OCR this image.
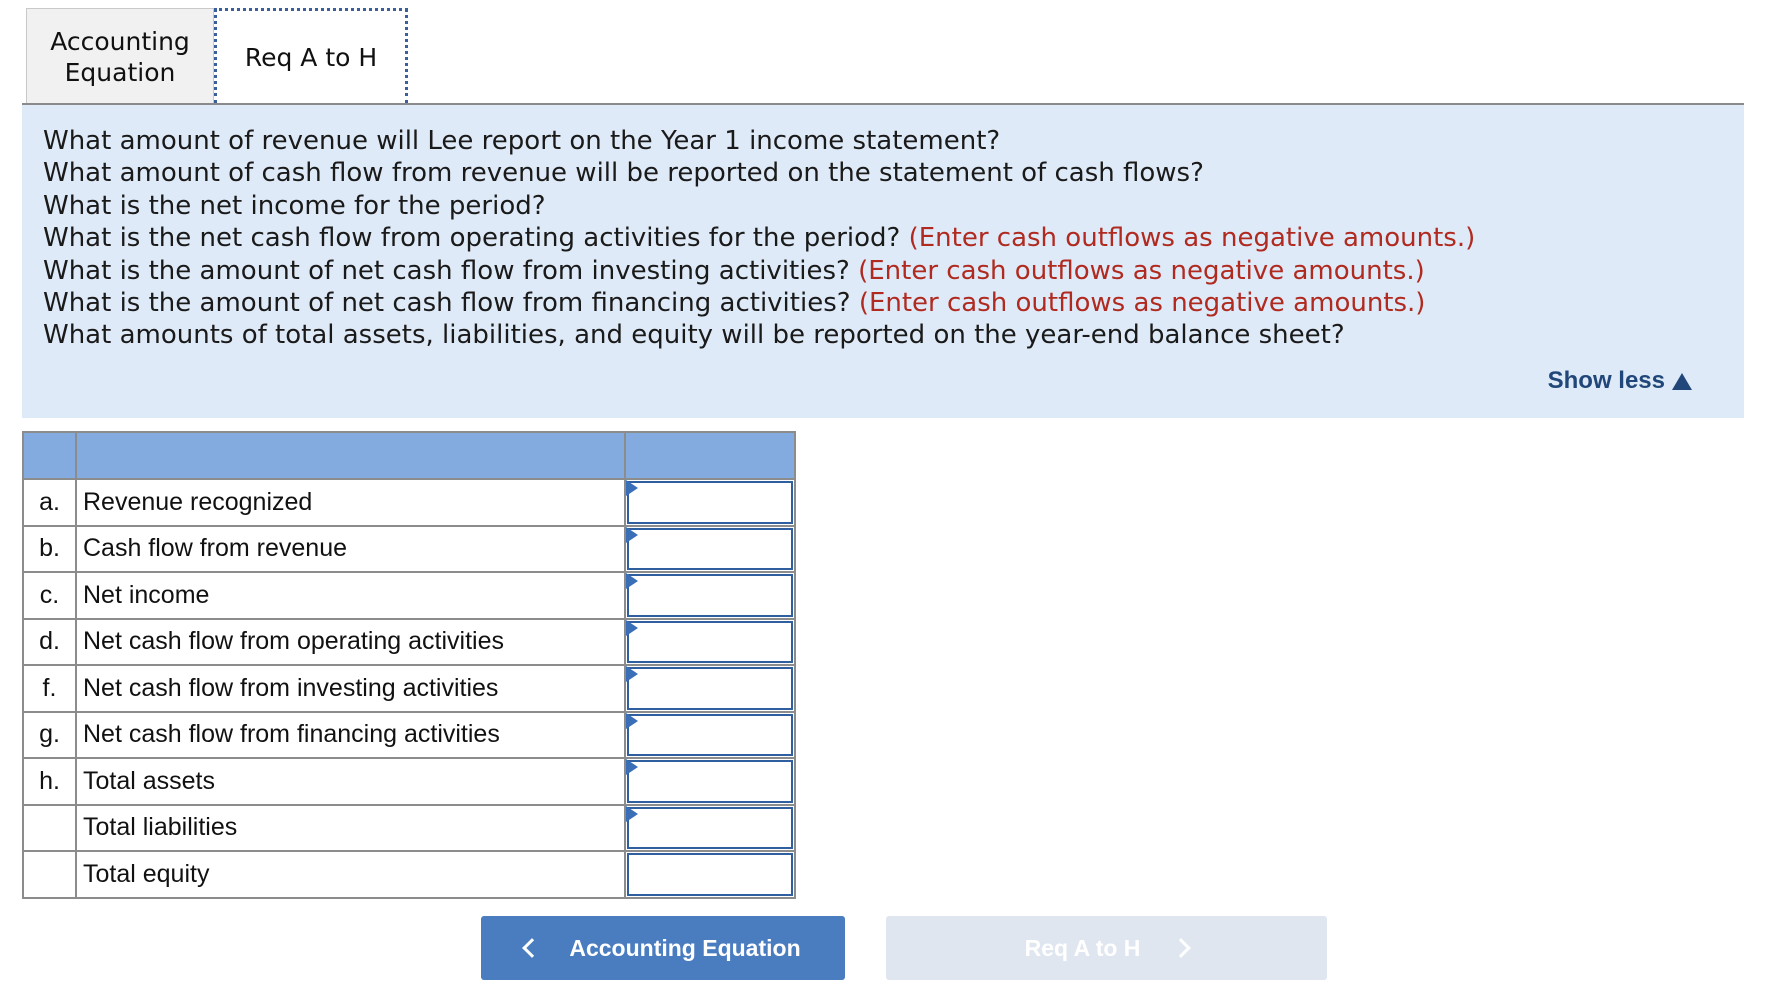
Accounting Equation	Req A to H
What amount of revenue will Lee report on the Year 1 income statement?
What amount of cash flow from revenue will be reported on the statement of cash flows?
What is the net income for the period?
What is the net cash flow from operating activities for the period? (Enter cash outflows as negative amounts.)
What is the amount of net cash flow from investing activities? (Enter cash outflows as negative amounts.)
What is the amount of net cash flow from financing activities? (Enter cash outflows as negative amounts.)
What amounts of total assets, liabilities, and equity will be reported on the year-end balance sheet?
Show less

a.	Revenue recognized	

b.	Cash flow from revenue	

c.	Net income	

d.	Net cash flow from operating activities	

f.	Net cash flow from investing activities	

g.	Net cash flow from financing activities	

h.	Total assets	

	Total liabilities	

	Total equity	
Accounting Equation	Req A to H
